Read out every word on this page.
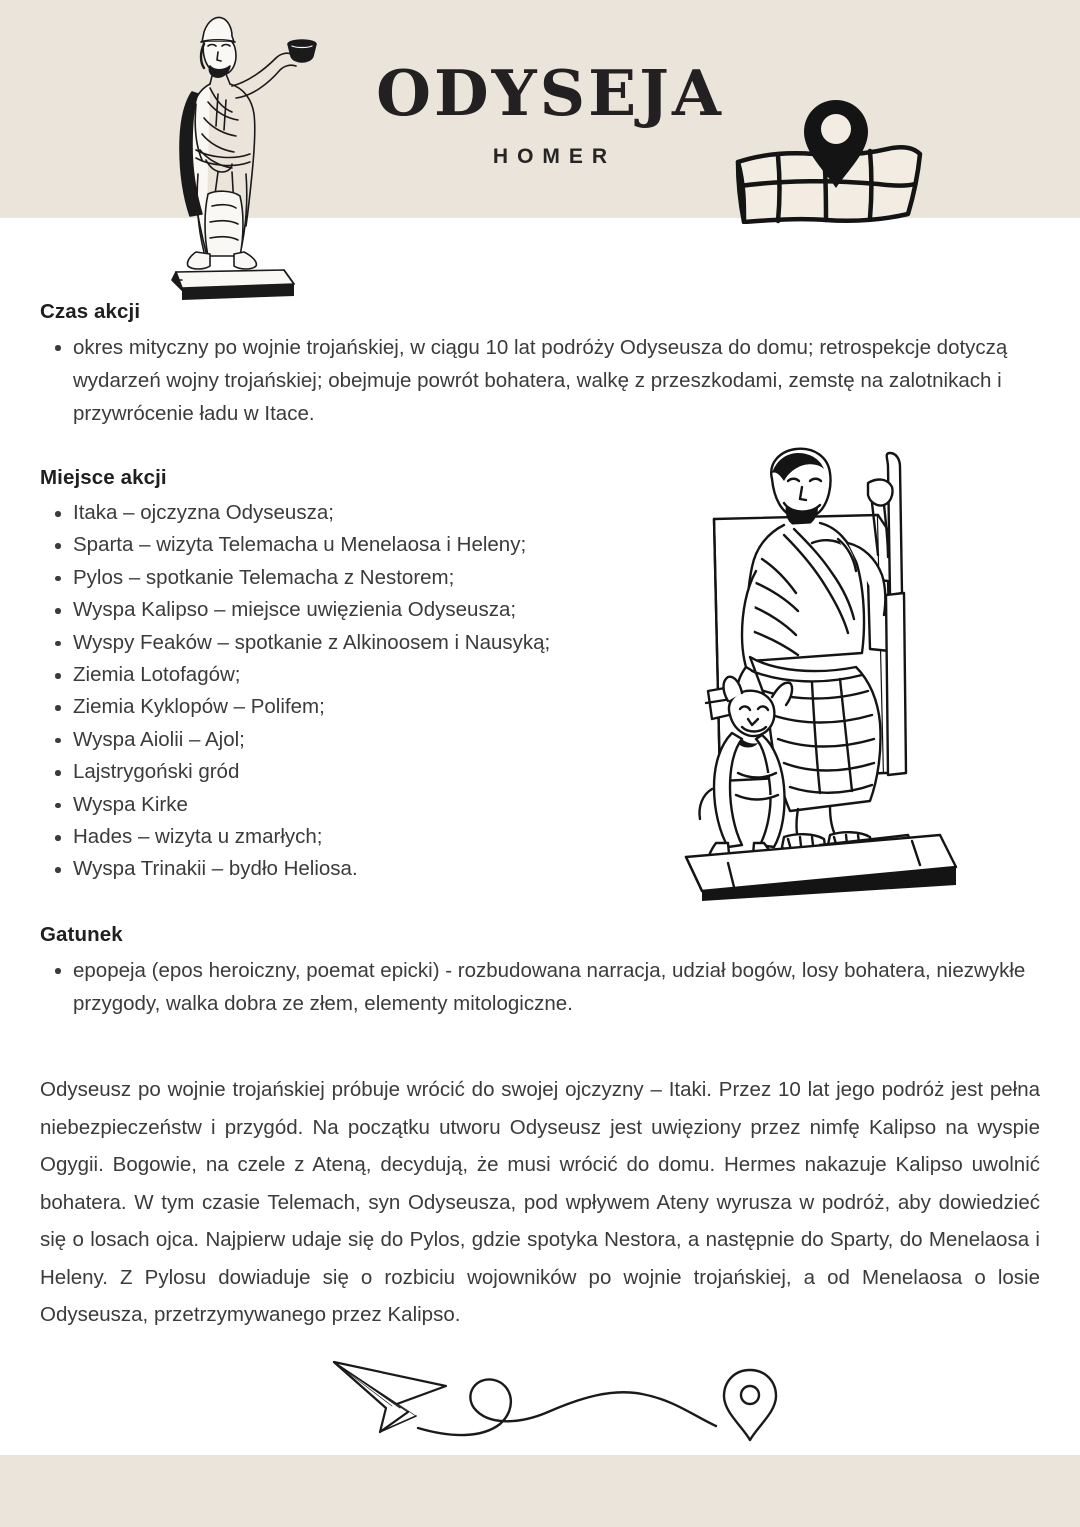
ODYSEJA
HOMER
Czas akcji
okres mityczny po wojnie trojańskiej, w ciągu 10 lat podróży Odyseusza do domu; retrospekcje dotyczą wydarzeń wojny trojańskiej; obejmuje powrót bohatera, walkę z przeszkodami, zemstę na zalotnikach i przywrócenie ładu w Itace.
Miejsce akcji
Itaka – ojczyzna Odyseusza;
Sparta – wizyta Telemacha u Menelaosa i Heleny;
Pylos – spotkanie Telemacha z Nestorem;
Wyspa Kalipso – miejsce uwięzienia Odyseusza;
Wyspy Feaków – spotkanie z Alkinoosem i Nausyką;
Ziemia Lotofagów;
Ziemia Kyklopów – Polifem;
Wyspa Aiolii – Ajol;
Lajstrygoński gród
Wyspa Kirke
Hades – wizyta u zmarłych;
Wyspa Trinakii – bydło Heliosa.
Gatunek
epopeja (epos heroiczny, poemat epicki) - rozbudowana narracja, udział bogów, losy bohatera, niezwykłe przygody, walka dobra ze złem, elementy mitologiczne.

Odyseusz po wojnie trojańskiej próbuje wrócić do swojej ojczyzny – Itaki. Przez 10 lat jego podróż jest pełna niebezpieczeństw i przygód. Na początku utworu Odyseusz jest uwięziony przez nimfę Kalipso na wyspie Ogygii. Bogowie, na czele z Ateną, decydują, że musi wrócić do domu. Hermes nakazuje Kalipso uwolnić bohatera. W tym czasie Telemach, syn Odyseusza, pod wpływem Ateny wyrusza w podróż, aby dowiedzieć się o losach ojca. Najpierw udaje się do Pylos, gdzie spotyka Nestora, a następnie do Sparty, do Menelaosa i Heleny. Z Pylosu dowiaduje się o rozbiciu wojowników po wojnie trojańskiej, a od Menelaosa o losie Odyseusza, przetrzymywanego przez Kalipso.
